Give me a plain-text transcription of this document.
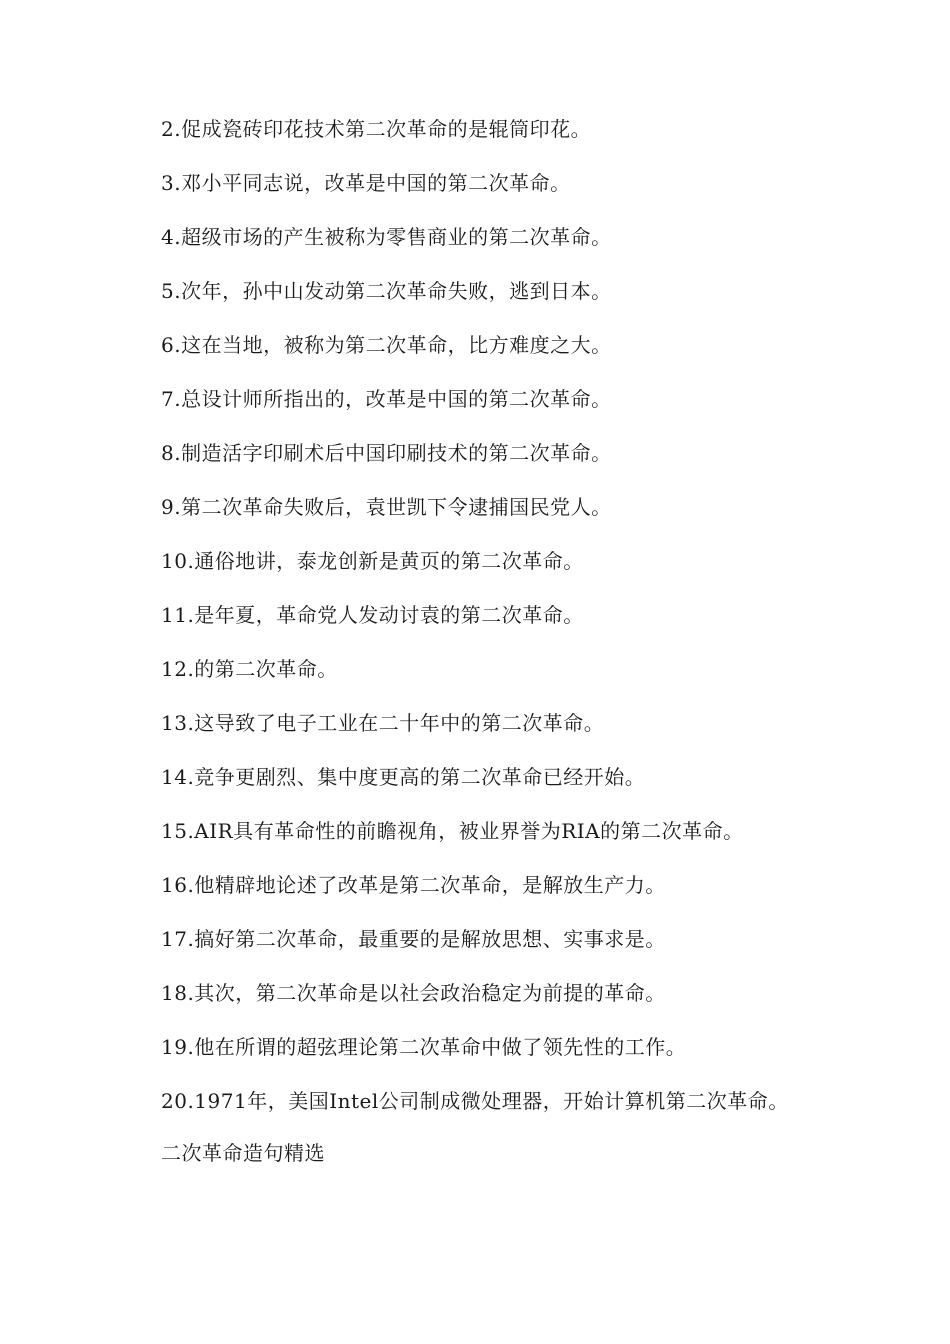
2.促成瓷砖印花技术第二次革命的是辊筒印花。

3.邓小平同志说，改革是中国的第二次革命。

4.超级市场的产生被称为零售商业的第二次革命。

5.次年，孙中山发动第二次革命失败，逃到日本。

6.这在当地，被称为第二次革命，比方难度之大。

7.总设计师所指出的，改革是中国的第二次革命。

8.制造活字印刷术后中国印刷技术的第二次革命。

9.第二次革命失败后，袁世凯下令逮捕国民党人。

10.通俗地讲，泰龙创新是黄页的第二次革命。

11.是年夏，革命党人发动讨袁的第二次革命。

12.的第二次革命。

13.这导致了电子工业在二十年中的第二次革命。

14.竞争更剧烈、集中度更高的第二次革命已经开始。

15.AIR具有革命性的前瞻视角，被业界誉为RIA的第二次革命。

16.他精辟地论述了改革是第二次革命，是解放生产力。

17.搞好第二次革命，最重要的是解放思想、实事求是。

18.其次，第二次革命是以社会政治稳定为前提的革命。

19.他在所谓的超弦理论第二次革命中做了领先性的工作。

20.1971年，美国Intel公司制成微处理器，开始计算机第二次革命。

二次革命造句精选
